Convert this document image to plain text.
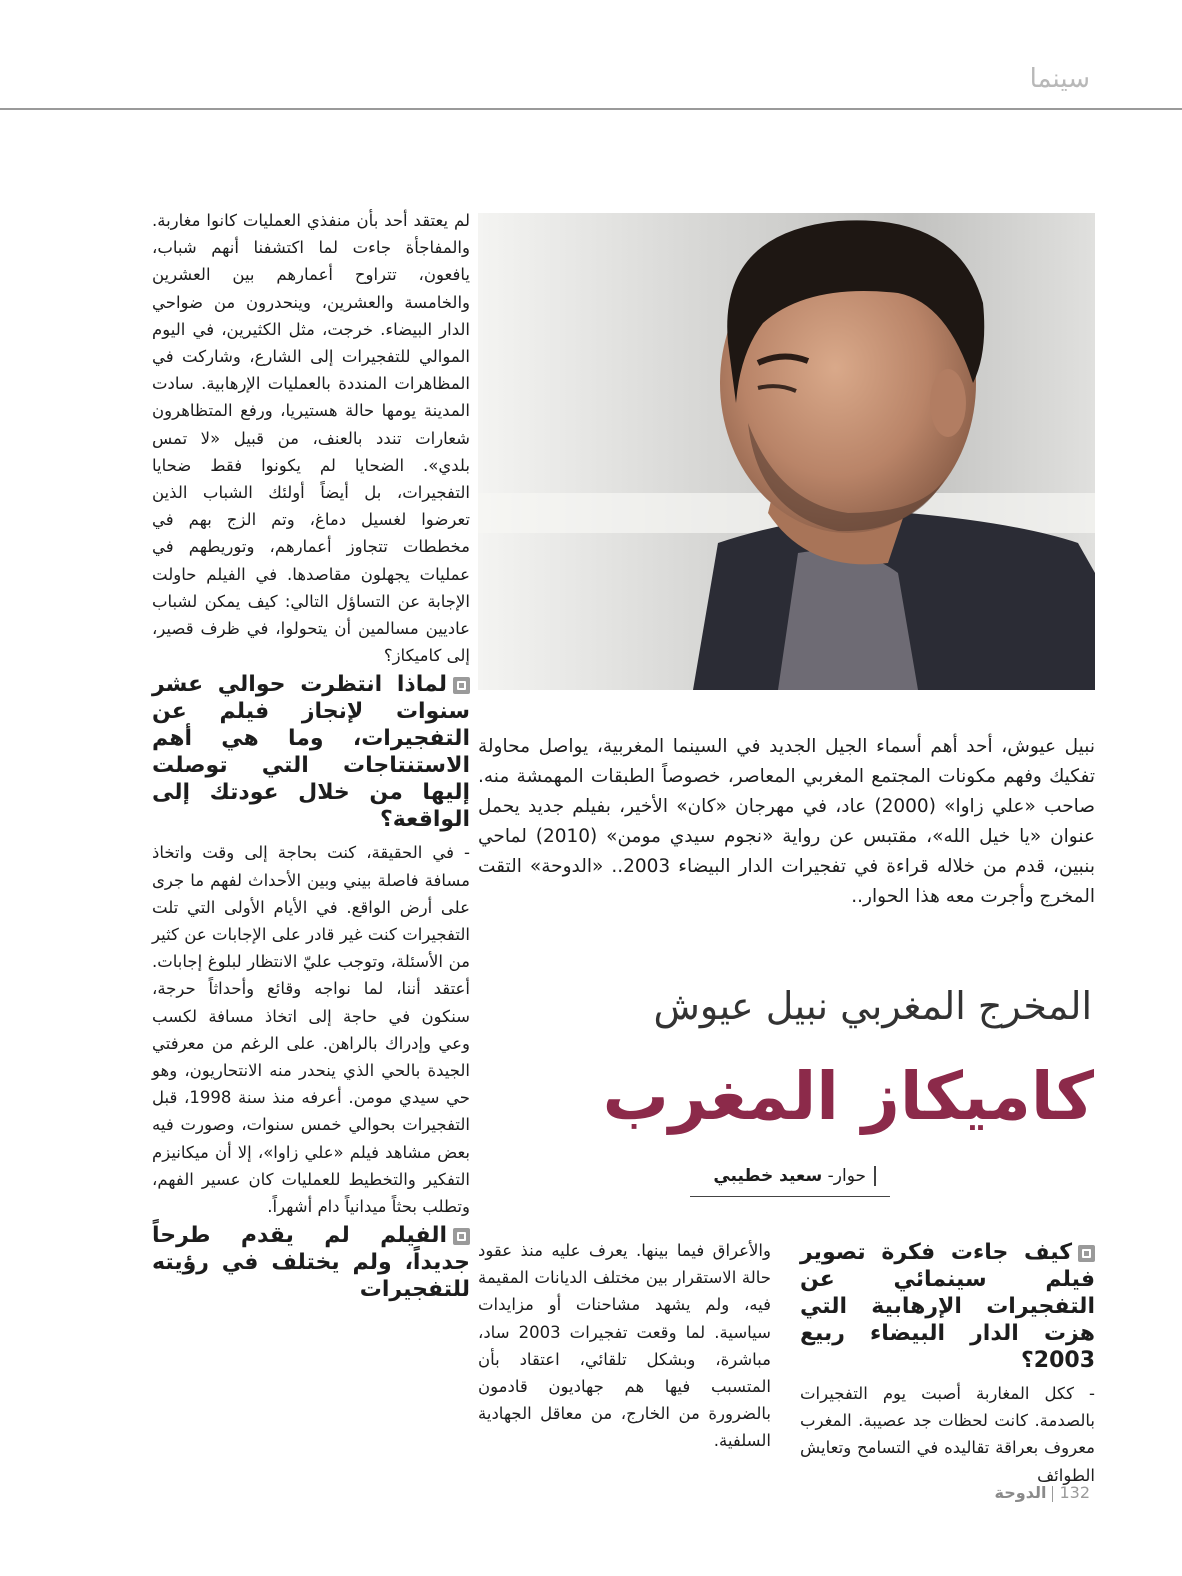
سينما

لم يعتقد أحد بأن منفذي العمليات كانوا مغاربة. والمفاجأة جاءت لما اكتشفنا أنهم شباب، يافعون، تتراوح أعمارهم بين العشرين والخامسة والعشرين، وينحدرون من ضواحي الدار البيضاء. خرجت، مثل الكثيرين، في اليوم الموالي للتفجيرات إلى الشارع، وشاركت في المظاهرات المنددة بالعمليات الإرهابية. سادت المدينة يومها حالة هستيريا، ورفع المتظاهرون شعارات تندد بالعنف، من قبيل «لا تمس بلدي». الضحايا لم يكونوا فقط ضحايا التفجيرات، بل أيضاً أولئك الشباب الذين تعرضوا لغسيل دماغ، وتم الزج بهم في مخططات تتجاوز أعمارهم، وتوريطهم في عمليات يجهلون مقاصدها. في الفيلم حاولت الإجابة عن التساؤل التالي: كيف يمكن لشباب عاديين مسالمين أن يتحولوا، في ظرف قصير، إلى كاميكاز؟

لماذا انتظرت حوالي عشر سنوات لإنجاز فيلم عن التفجيرات، وما هي أهم الاستنتاجات التي توصلت إليها من خلال عودتك إلى الواقعة؟

- في الحقيقة، كنت بحاجة إلى وقت واتخاذ مسافة فاصلة بيني وبين الأحداث لفهم ما جرى على أرض الواقع. في الأيام الأولى التي تلت التفجيرات كنت غير قادر على الإجابات عن كثير من الأسئلة، وتوجب عليّ الانتظار لبلوغ إجابات. أعتقد أننا، لما نواجه وقائع وأحداثاً حرجة، سنكون في حاجة إلى اتخاذ مسافة لكسب وعي وإدراك بالراهن. على الرغم من معرفتي الجيدة بالحي الذي ينحدر منه الانتحاريون، وهو حي سيدي مومن. أعرفه منذ سنة 1998، قبل التفجيرات بحوالي خمس سنوات، وصورت فيه بعض مشاهد فيلم «علي زاوا»، إلا أن ميكانيزم التفكير والتخطيط للعمليات كان عسير الفهم، وتطلب بحثاً ميدانياً دام أشهراً.

الفيلم لم يقدم طرحاً جديداً، ولم يختلف في رؤيته للتفجيرات

نبيل عيوش، أحد أهم أسماء الجيل الجديد في السينما المغربية، يواصل محاولة تفكيك وفهم مكونات المجتمع المغربي المعاصر، خصوصاً الطبقات المهمشة منه. صاحب «علي زاوا» (2000) عاد، في مهرجان «كان» الأخير، بفيلم جديد يحمل عنوان «يا خيل الله»، مقتبس عن رواية «نجوم سيدي مومن» (2010) لماحي بنبين، قدم من خلاله قراءة في تفجيرات الدار البيضاء 2003.. «الدوحة» التقت المخرج وأجرت معه هذا الحوار..

المخرج المغربي نبيل عيوش
كاميكاز المغرب
حوار- سعيد خطيبي

والأعراق فيما بينها. يعرف عليه منذ عقود حالة الاستقرار بين مختلف الديانات المقيمة فيه، ولم يشهد مشاحنات أو مزايدات سياسية. لما وقعت تفجيرات 2003 ساد، مباشرة، وبشكل تلقائي، اعتقاد بأن المتسبب فيها هم جهاديون قادمون بالضرورة من الخارج، من معاقل الجهادية السلفية.

كيف جاءت فكرة تصوير فيلم سينمائي عن التفجيرات الإرهابية التي هزت الدار البيضاء ربيع 2003؟

- ككل المغاربة أصبت يوم التفجيرات بالصدمة. كانت لحظات جد عصيبة. المغرب معروف بعراقة تقاليده في التسامح وتعايش الطوائف

132الدوحة
